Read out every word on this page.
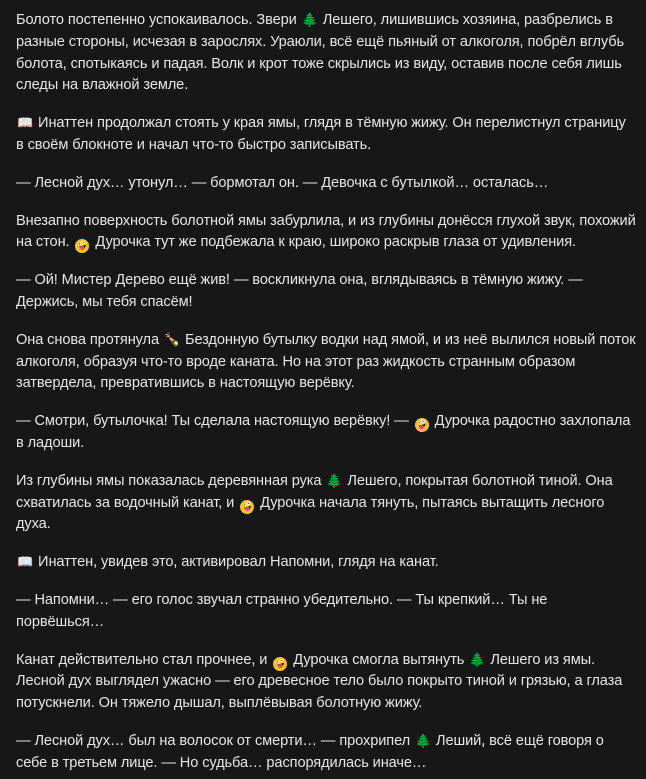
Болото постепенно успокаивалось. Звери 🌲 Лешего, лишившись хозяина, разбрелись в разные стороны, исчезая в зарослях. Ураюли, всё ещё пьяный от алкоголя, побрёл вглубь болота, спотыкаясь и падая. Волк и крот тоже скрылись из виду, оставив после себя лишь следы на влажной земле.

📖 Инаттен продолжал стоять у края ямы, глядя в тёмную жижу. Он перелистнул страницу в своём блокноте и начал что-то быстро записывать.

— Лесной дух… утонул… — бормотал он. — Девочка с бутылкой… осталась…

Внезапно поверхность болотной ямы забурлила, и из глубины донёсся глухой звук, похожий на стон. 🤪 Дурочка тут же подбежала к краю, широко раскрыв глаза от удивления.

— Ой! Мистер Дерево ещё жив! — воскликнула она, вглядываясь в тёмную жижу. — Держись, мы тебя спасём!

Она снова протянула 🍾 Бездонную бутылку водки над ямой, и из неё вылился новый поток алкоголя, образуя что-то вроде каната. Но на этот раз жидкость странным образом затвердела, превратившись в настоящую верёвку.

— Смотри, бутылочка! Ты сделала настоящую верёвку! — 🤪 Дурочка радостно захлопала в ладоши.

Из глубины ямы показалась деревянная рука 🌲 Лешего, покрытая болотной тиной. Она схватилась за водочный канат, и 🤪 Дурочка начала тянуть, пытаясь вытащить лесного духа.

📖 Инаттен, увидев это, активировал Напомни, глядя на канат.

— Напомни… — его голос звучал странно убедительно. — Ты крепкий… Ты не порвёшься…

Канат действительно стал прочнее, и 🤪 Дурочка смогла вытянуть 🌲 Лешего из ямы. Лесной дух выглядел ужасно — его древесное тело было покрыто тиной и грязью, а глаза потускнели. Он тяжело дышал, выплёвывая болотную жижу.

— Лесной дух… был на волосок от смерти… — прохрипел 🌲 Леший, всё ещё говоря о себе в третьем лице. — Но судьба… распорядилась иначе…
